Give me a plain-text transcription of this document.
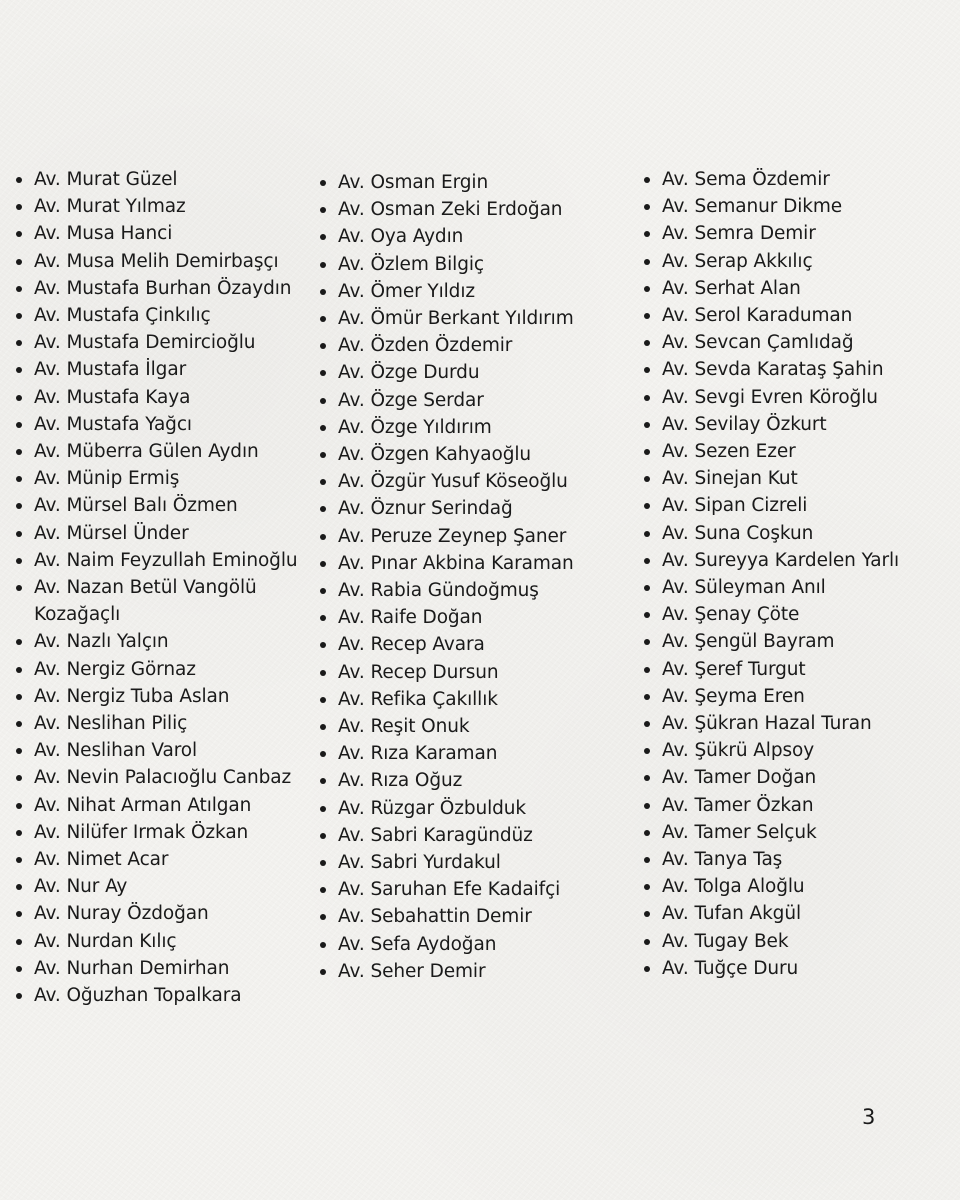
Av. Murat Güzel
Av. Murat Yılmaz
Av. Musa Hanci
Av. Musa Melih Demirbaşçı
Av. Mustafa Burhan Özaydın
Av. Mustafa Çinkılıç
Av. Mustafa Demircioğlu
Av. Mustafa İlgar
Av. Mustafa Kaya
Av. Mustafa Yağcı
Av. Müberra Gülen Aydın
Av. Münip Ermiş
Av. Mürsel Balı Özmen
Av. Mürsel Ünder
Av. Naim Feyzullah Eminoğlu
Av. Nazan Betül Vangölü Kozağaçlı
Av. Nazlı Yalçın
Av. Nergiz Görnaz
Av. Nergiz Tuba Aslan
Av. Neslihan Piliç
Av. Neslihan Varol
Av. Nevin Palacıoğlu Canbaz
Av. Nihat Arman Atılgan
Av. Nilüfer Irmak Özkan
Av. Nimet Acar
Av. Nur Ay
Av. Nuray Özdoğan
Av. Nurdan Kılıç
Av. Nurhan Demirhan
Av. Oğuzhan Topalkara
Av. Osman Ergin
Av. Osman Zeki Erdoğan
Av. Oya Aydın
Av. Özlem Bilgiç
Av. Ömer Yıldız
Av. Ömür Berkant Yıldırım
Av. Özden Özdemir
Av. Özge Durdu
Av. Özge Serdar
Av. Özge Yıldırım
Av. Özgen Kahyaoğlu
Av. Özgür Yusuf Köseoğlu
Av. Öznur Serindağ
Av. Peruze Zeynep Şaner
Av. Pınar Akbina Karaman
Av. Rabia Gündoğmuş
Av. Raife Doğan
Av. Recep Avara
Av. Recep Dursun
Av. Refika Çakıllık
Av. Reşit Onuk
Av. Rıza Karaman
Av. Rıza Oğuz
Av. Rüzgar Özbulduk
Av. Sabri Karagündüz
Av. Sabri Yurdakul
Av. Saruhan Efe Kadaifçi
Av. Sebahattin Demir
Av. Sefa Aydoğan
Av. Seher Demir
Av. Sema Özdemir
Av. Semanur Dikme
Av. Semra Demir
Av. Serap Akkılıç
Av. Serhat Alan
Av. Serol Karaduman
Av. Sevcan Çamlıdağ
Av. Sevda Karataş Şahin
Av. Sevgi Evren Köroğlu
Av. Sevilay Özkurt
Av. Sezen Ezer
Av. Sinejan Kut
Av. Sipan Cizreli
Av. Suna Coşkun
Av. Sureyya Kardelen Yarlı
Av. Süleyman Anıl
Av. Şenay Çöte
Av. Şengül Bayram
Av. Şeref Turgut
Av. Şeyma Eren
Av. Şükran Hazal Turan
Av. Şükrü Alpsoy
Av. Tamer Doğan
Av. Tamer Özkan
Av. Tamer Selçuk
Av. Tanya Taş
Av. Tolga Aloğlu
Av. Tufan Akgül
Av. Tugay Bek
Av. Tuğçe Duru
3
